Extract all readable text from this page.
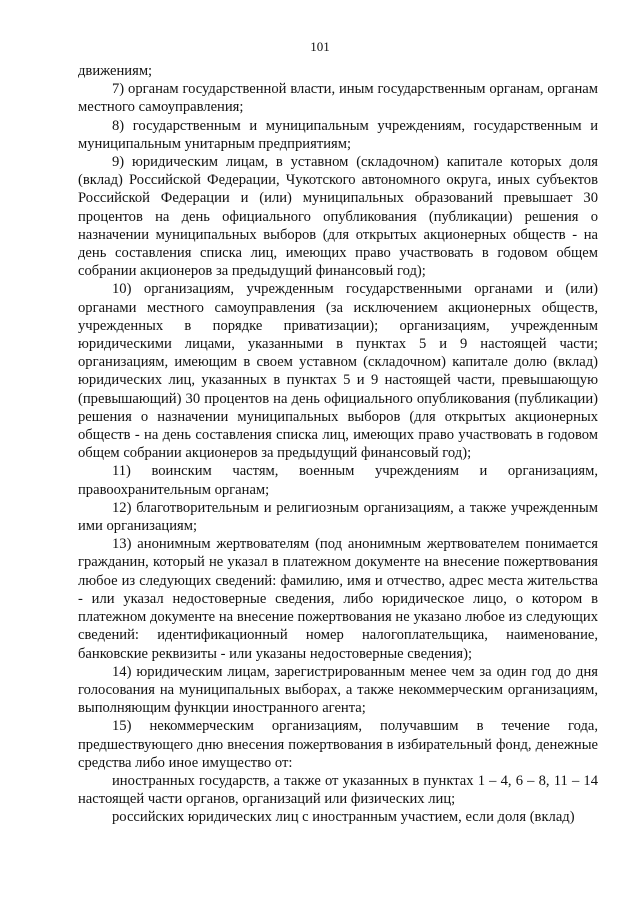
101

движениям;

7) органам государственной власти, иным государственным органам, органам местного самоуправления;

8) государственным и муниципальным учреждениям, государственным и муниципальным унитарным предприятиям;

9) юридическим лицам, в уставном (складочном) капитале которых доля (вклад) Российской Федерации, Чукотского автономного округа, иных субъектов Российской Федерации и (или) муниципальных образований превышает 30 процентов на день официального опубликования (публикации) решения о назначении муниципальных выборов (для открытых акционерных обществ - на день составления списка лиц, имеющих право участвовать в годовом общем собрании акционеров за предыдущий финансовый год);

10) организациям, учрежденным государственными органами и (или) органами местного самоуправления (за исключением акционерных обществ, учрежденных в порядке приватизации); организациям, учрежденным юридическими лицами, указанными в пунктах 5 и 9 настоящей части; организациям, имеющим в своем уставном (складочном) капитале долю (вклад) юридических лиц, указанных в пунктах 5 и 9 настоящей части, превышающую (превышающий) 30 процентов на день официального опубликования (публикации) решения о назначении муниципальных выборов (для открытых акционерных обществ - на день составления списка лиц, имеющих право участвовать в годовом общем собрании акционеров за предыдущий финансовый год);

11) воинским частям, военным учреждениям и организациям, правоохранительным органам;

12) благотворительным и религиозным организациям, а также учрежденным ими организациям;

13) анонимным жертвователям (под анонимным жертвователем понимается гражданин, который не указал в платежном документе на внесение пожертвования любое из следующих сведений: фамилию, имя и отчество, адрес места жительства - или указал недостоверные сведения, либо юридическое лицо, о котором в платежном документе на внесение пожертвования не указано любое из следующих сведений: идентификационный номер налогоплательщика, наименование, банковские реквизиты - или указаны недостоверные сведения);

14) юридическим лицам, зарегистрированным менее чем за один год до дня голосования на муниципальных выборах, а также некоммерческим организациям, выполняющим функции иностранного агента;

15) некоммерческим организациям, получавшим в течение года, предшествующего дню внесения пожертвования в избирательный фонд, денежные средства либо иное имущество от:

иностранных государств, а также от указанных в пунктах 1 – 4, 6 – 8, 11 – 14 настоящей части органов, организаций или физических лиц;

российских юридических лиц с иностранным участием, если доля (вклад)
